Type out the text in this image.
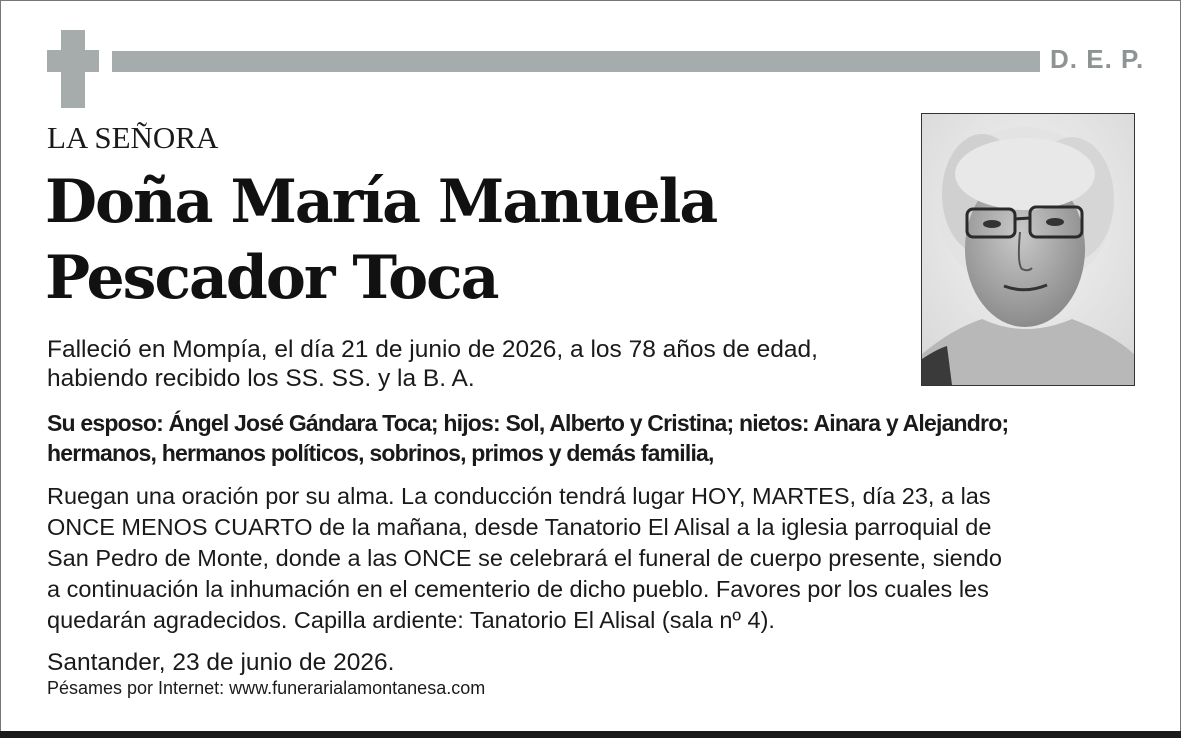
D. E. P.
LA SEÑORA
Doña María Manuela
Pescador Toca
Falleció en Mompía, el día 21 de junio de 2026, a los 78 años de edad,
habiendo recibido los SS. SS. y la B. A.
Su esposo: Ángel José Gándara Toca; hijos: Sol, Alberto y Cristina; nietos: Ainara y Alejandro;
hermanos, hermanos políticos, sobrinos, primos y demás familia,
Ruegan una oración por su alma. La conducción tendrá lugar HOY, MARTES, día 23, a las
ONCE MENOS CUARTO de la mañana, desde Tanatorio El Alisal a la iglesia parroquial de
San Pedro de Monte, donde a las ONCE se celebrará el funeral de cuerpo presente, siendo
a continuación la inhumación en el cementerio de dicho pueblo. Favores por los cuales les
quedarán agradecidos. Capilla ardiente: Tanatorio El Alisal (sala nº 4).
Santander, 23 de junio de 2026.
Pésames por Internet: www.funerarialamontanesa.com
